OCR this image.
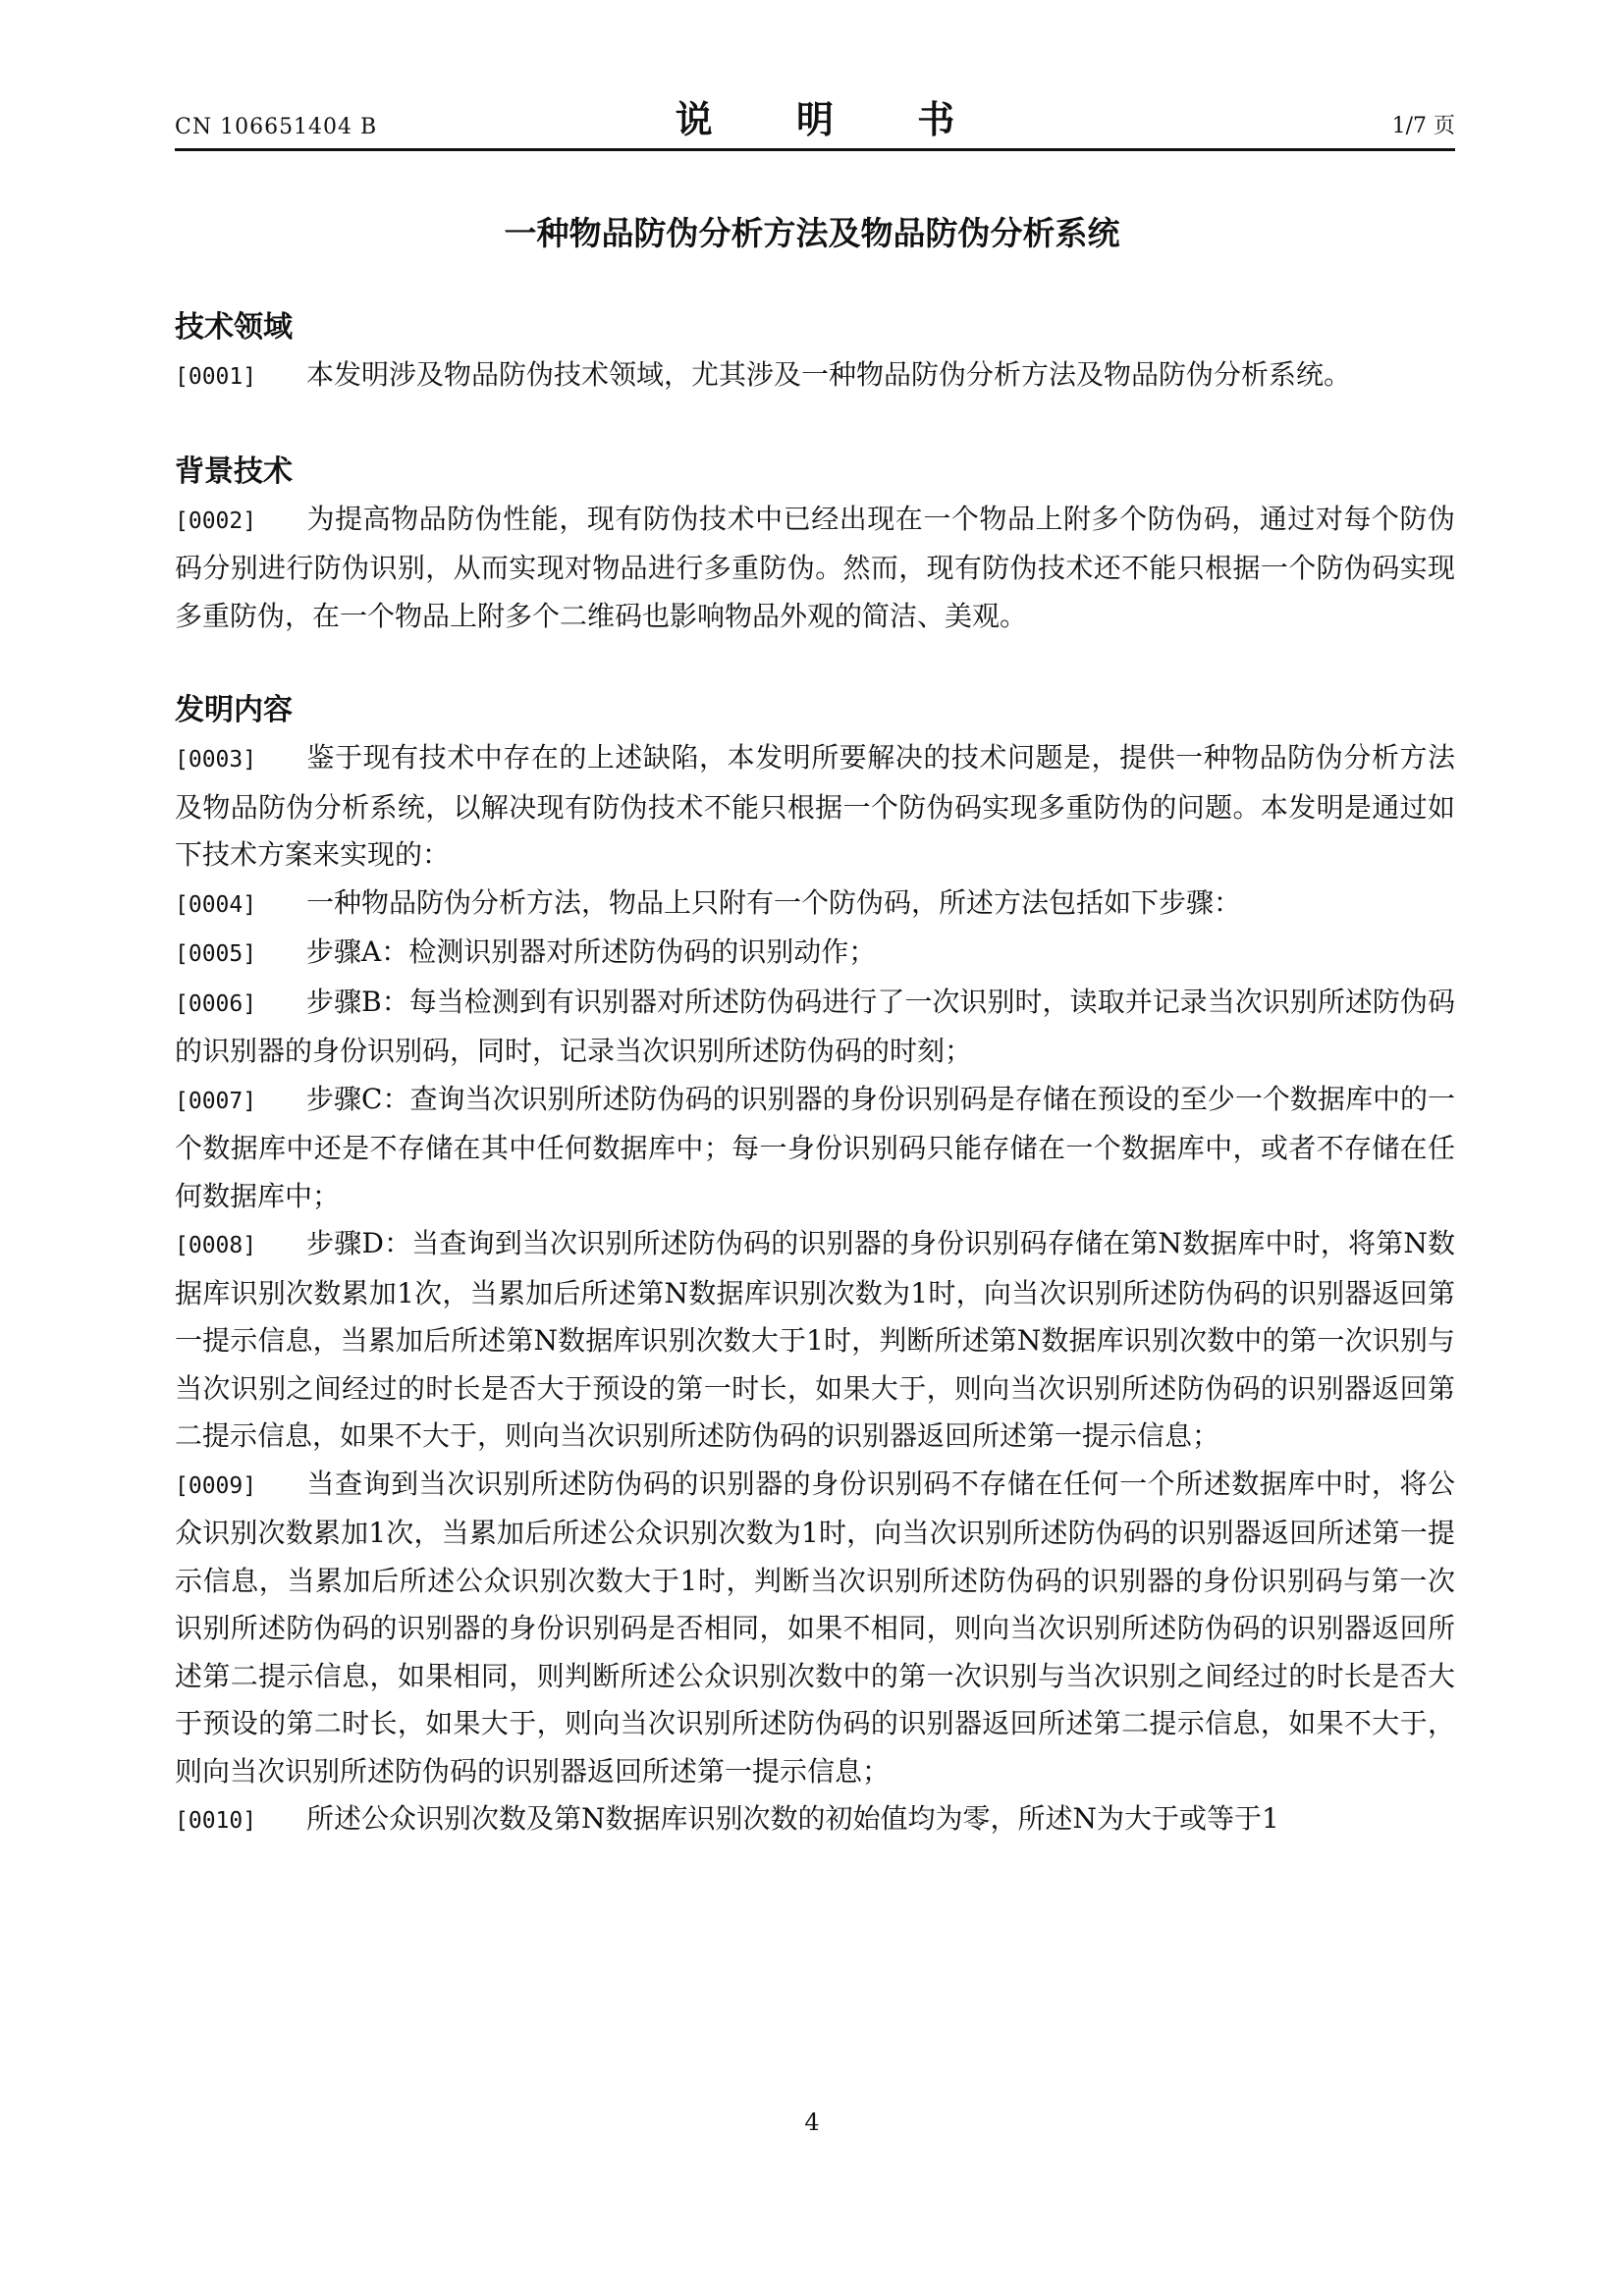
CN 106651404 B	说 明 书	1/7 页
一种物品防伪分析方法及物品防伪分析系统
技术领域
[0001] 本发明涉及物品防伪技术领域，尤其涉及一种物品防伪分析方法及物品防伪分析系统。
背景技术
[0002] 为提高物品防伪性能，现有防伪技术中已经出现在一个物品上附多个防伪码，通过对每个防伪码分别进行防伪识别，从而实现对物品进行多重防伪。然而，现有防伪技术还不能只根据一个防伪码实现多重防伪，在一个物品上附多个二维码也影响物品外观的简洁、美观。
发明内容
[0003] 鉴于现有技术中存在的上述缺陷，本发明所要解决的技术问题是，提供一种物品防伪分析方法及物品防伪分析系统，以解决现有防伪技术不能只根据一个防伪码实现多重防伪的问题。本发明是通过如下技术方案来实现的：
[0004] 一种物品防伪分析方法，物品上只附有一个防伪码，所述方法包括如下步骤：
[0005] 步骤A：检测识别器对所述防伪码的识别动作；
[0006] 步骤B：每当检测到有识别器对所述防伪码进行了一次识别时，读取并记录当次识别所述防伪码的识别器的身份识别码，同时，记录当次识别所述防伪码的时刻；
[0007] 步骤C：查询当次识别所述防伪码的识别器的身份识别码是存储在预设的至少一个数据库中的一个数据库中还是不存储在其中任何数据库中；每一身份识别码只能存储在一个数据库中，或者不存储在任何数据库中；
[0008] 步骤D：当查询到当次识别所述防伪码的识别器的身份识别码存储在第N数据库中时，将第N数据库识别次数累加1次，当累加后所述第N数据库识别次数为1时，向当次识别所述防伪码的识别器返回第一提示信息，当累加后所述第N数据库识别次数大于1时，判断所述第N数据库识别次数中的第一次识别与当次识别之间经过的时长是否大于预设的第一时长，如果大于，则向当次识别所述防伪码的识别器返回第二提示信息，如果不大于，则向当次识别所述防伪码的识别器返回所述第一提示信息；
[0009] 当查询到当次识别所述防伪码的识别器的身份识别码不存储在任何一个所述数据库中时，将公众识别次数累加1次，当累加后所述公众识别次数为1时，向当次识别所述防伪码的识别器返回所述第一提示信息，当累加后所述公众识别次数大于1时，判断当次识别所述防伪码的识别器的身份识别码与第一次识别所述防伪码的识别器的身份识别码是否相同，如果不相同，则向当次识别所述防伪码的识别器返回所述第二提示信息，如果相同，则判断所述公众识别次数中的第一次识别与当次识别之间经过的时长是否大于预设的第二时长，如果大于，则向当次识别所述防伪码的识别器返回所述第二提示信息，如果不大于，则向当次识别所述防伪码的识别器返回所述第一提示信息；
[0010] 所述公众识别次数及第N数据库识别次数的初始值均为零，所述N为大于或等于1
4
